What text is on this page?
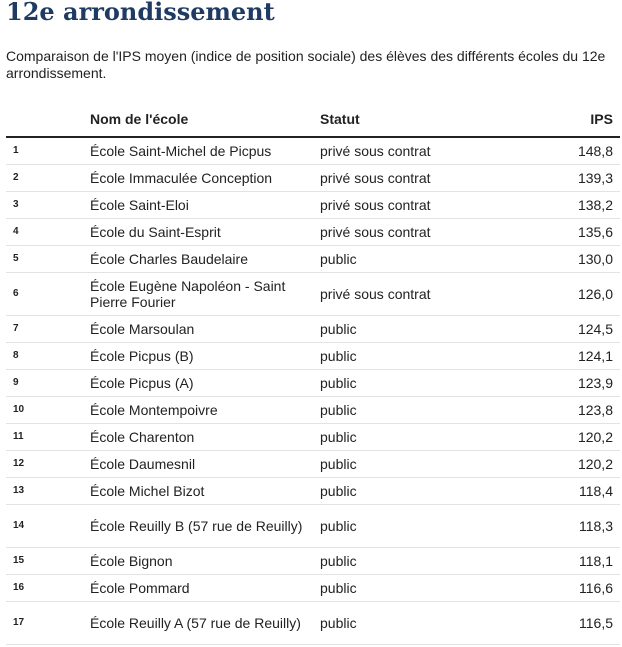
12e arrondissement

Comparaison de l'IPS moyen (indice de position sociale) des élèves des différents écoles du 12e arrondissement.

	Nom de l'école	Statut	IPS
1	École Saint-Michel de Picpus	privé sous contrat	148,8
2	École Immaculée Conception	privé sous contrat	139,3
3	École Saint-Eloi	privé sous contrat	138,2
4	École du Saint-Esprit	privé sous contrat	135,6
5	École Charles Baudelaire	public	130,0
6	École Eugène Napoléon - Saint Pierre Fourier	privé sous contrat	126,0
7	École Marsoulan	public	124,5
8	École Picpus (B)	public	124,1
9	École Picpus (A)	public	123,9
10	École Montempoivre	public	123,8
11	École Charenton	public	120,2
12	École Daumesnil	public	120,2
13	École Michel Bizot	public	118,4
14	École Reuilly B (57 rue de Reuilly)	public	118,3
15	École Bignon	public	118,1
16	École Pommard	public	116,6
17	École Reuilly A (57 rue de Reuilly)	public	116,5
